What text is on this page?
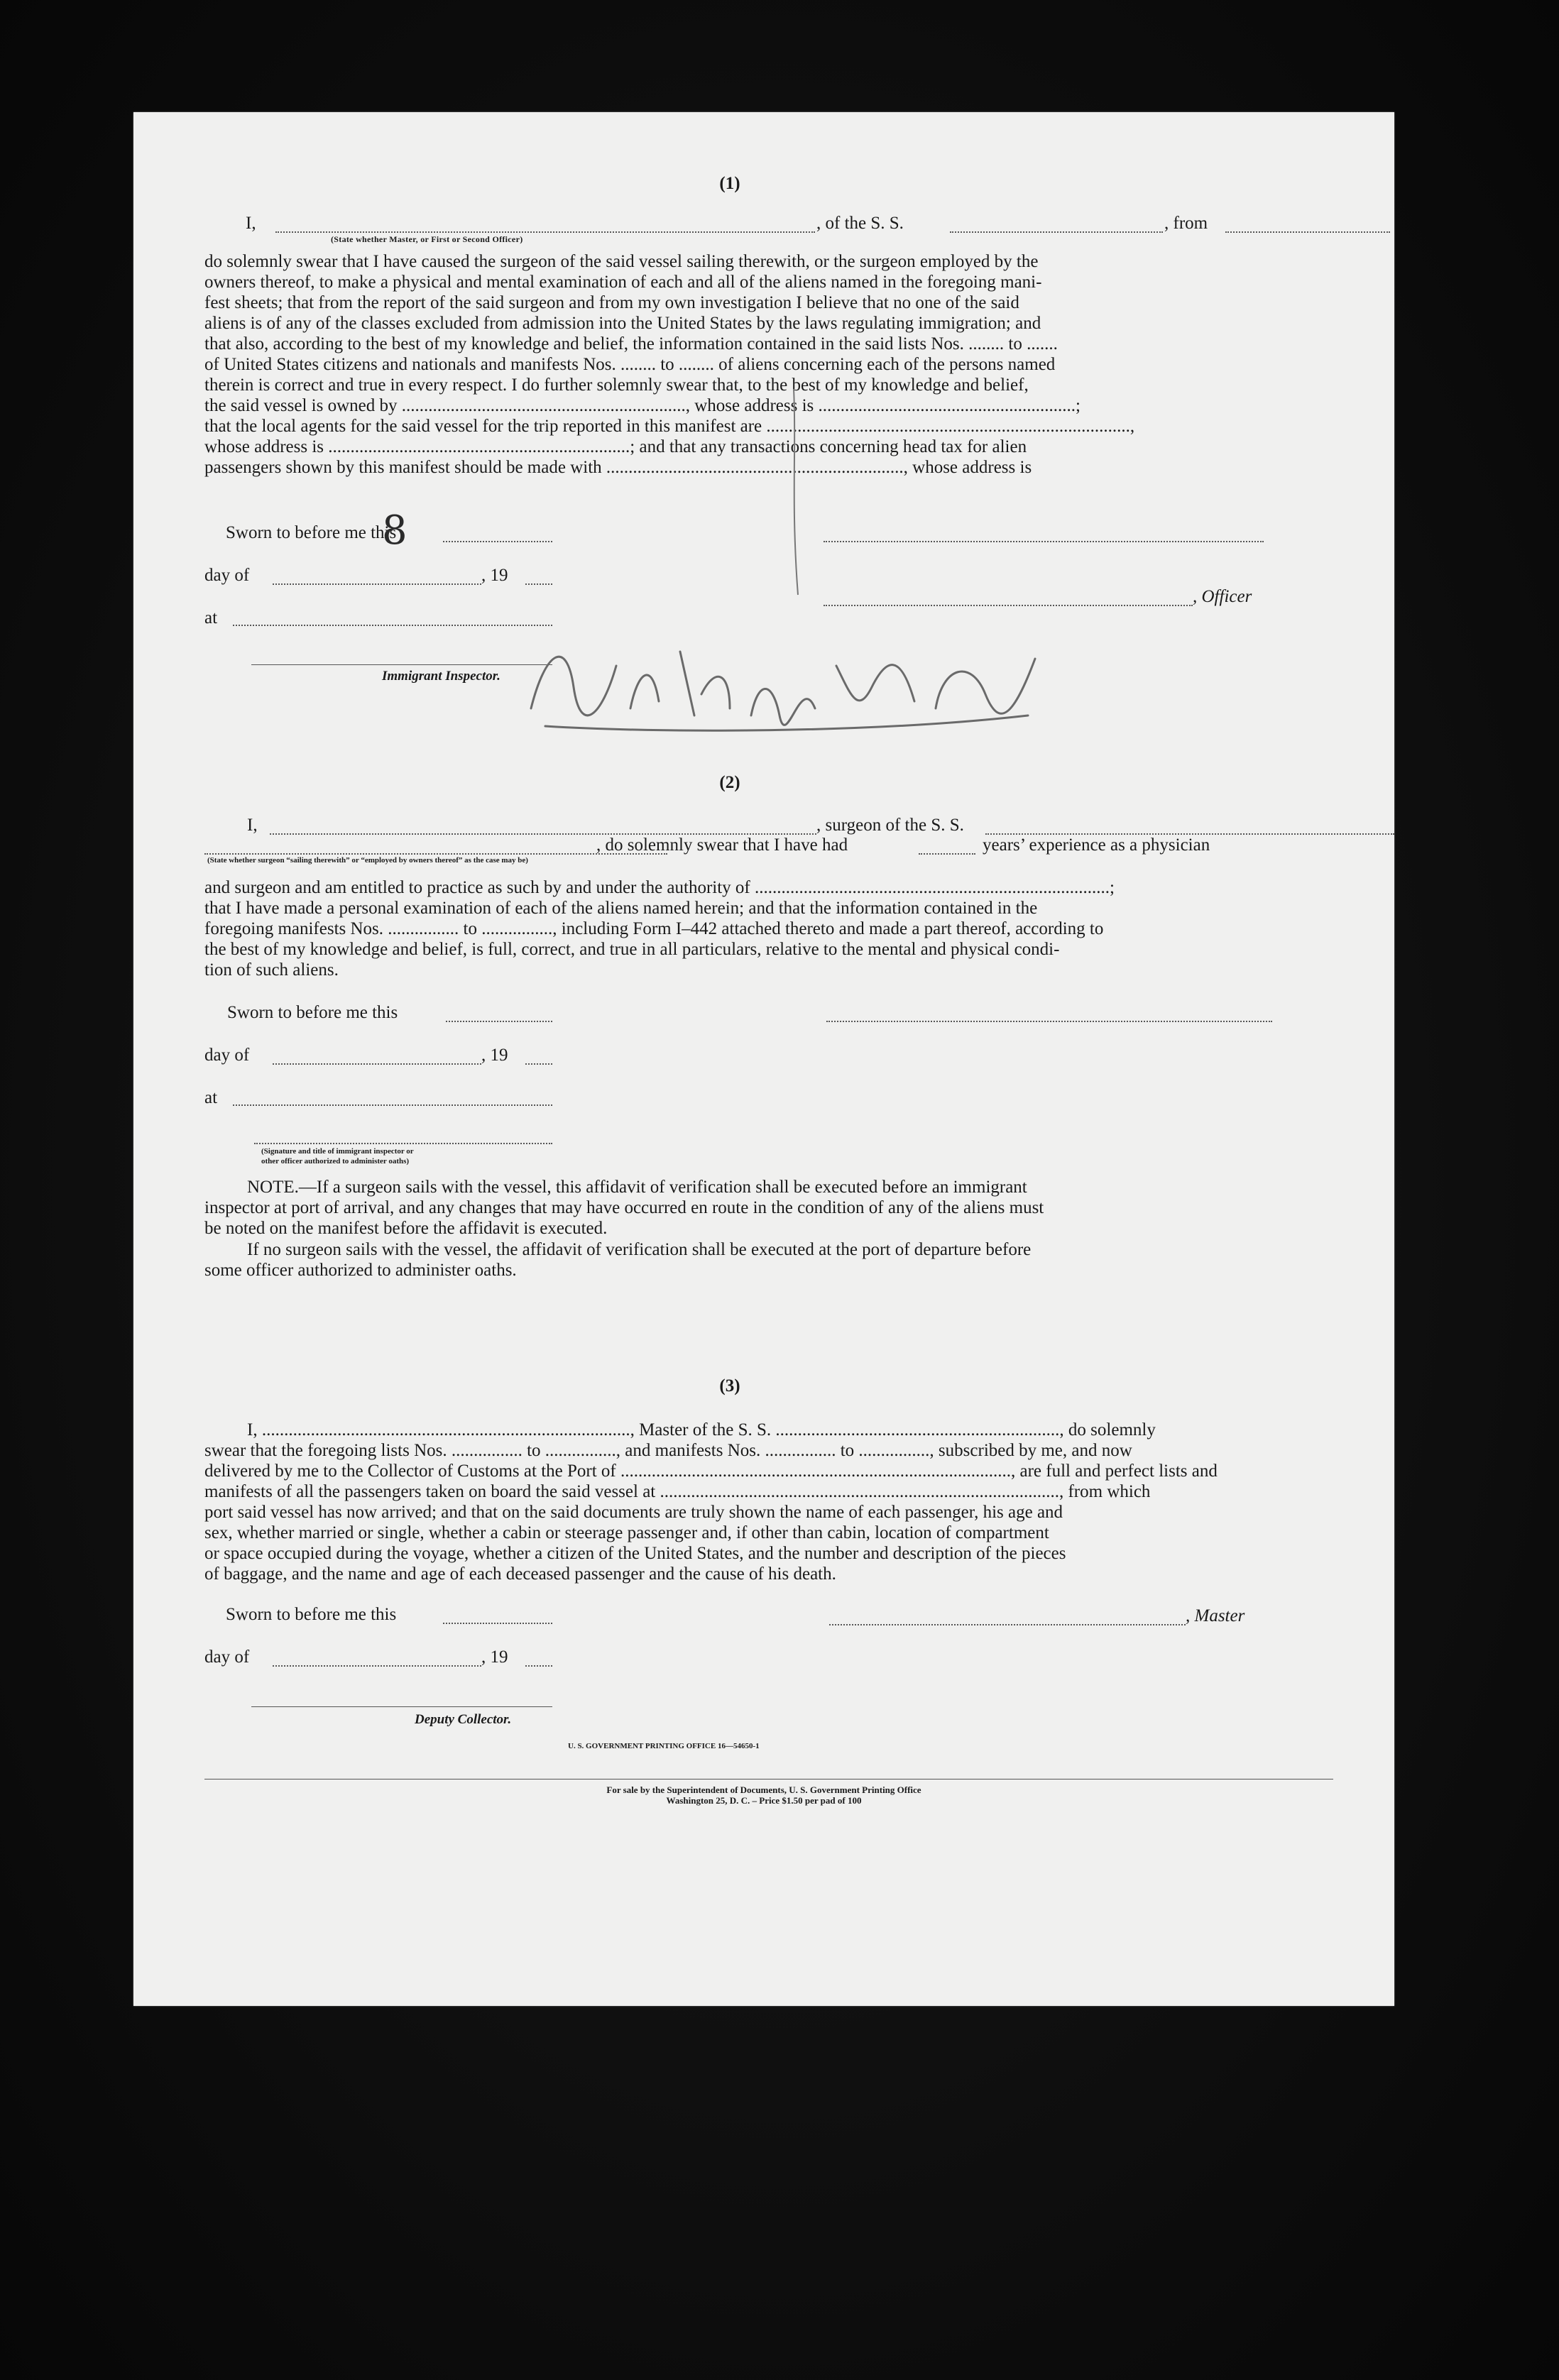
(1)
I,
(State whether Master, or First or Second Officer)
, of the S. S.	, from
do solemnly swear that I have caused the surgeon of the said vessel sailing therewith, or the surgeon employed by the
owners thereof, to make a physical and mental examination of each and all of the aliens named in the foregoing mani-
fest sheets; that from the report of the said surgeon and from my own investigation I believe that no one of the said
aliens is of any of the classes excluded from admission into the United States by the laws regulating immigration; and
that also, according to the best of my knowledge and belief, the information contained in the said lists Nos. ........ to .......
of United States citizens and nationals and manifests Nos. ........ to ........ of aliens concerning each of the persons named
therein is correct and true in every respect. I do further solemnly swear that, to the best of my knowledge and belief,
the said vessel is owned by ................................................................, whose address is ..........................................................;
that the local agents for the said vessel for the trip reported in this manifest are ..................................................................................,
whose address is ....................................................................; and that any transactions concerning head tax for alien
passengers shown by this manifest should be made with ..................................................................., whose address is
Sworn to before me this
8
day of	, 19
, Officer
at
Immigrant Inspector.
(2)
I,	, surgeon of the S. S.
(State whether surgeon “sailing therewith” or “employed by owners thereof” as the case may be)
, do solemnly swear that I have had	years’ experience as a physician
and surgeon and am entitled to practice as such by and under the authority of ................................................................................;
that I have made a personal examination of each of the aliens named herein; and that the information contained in the
foregoing manifests Nos. ................ to ................, including Form I–442 attached thereto and made a part thereof, according to
the best of my knowledge and belief, is full, correct, and true in all particulars, relative to the mental and physical condi-
tion of such aliens.
Sworn to before me this
day of	, 19
at
(Signature and title of immigrant inspector or
other officer authorized to administer oaths)
NOTE.—If a surgeon sails with the vessel, this affidavit of verification shall be executed before an immigrant
inspector at port of arrival, and any changes that may have occurred en route in the condition of any of the aliens must
be noted on the manifest before the affidavit is executed.
If no surgeon sails with the vessel, the affidavit of verification shall be executed at the port of departure before
some officer authorized to administer oaths.
(3)
I, ..................................................................................., Master of the S. S. ................................................................, do solemnly
swear that the foregoing lists Nos. ................ to ................, and manifests Nos. ................ to ................, subscribed by me, and now
delivered by me to the Collector of Customs at the Port of ........................................................................................, are full and perfect lists and
manifests of all the passengers taken on board the said vessel at .........................................................................................., from which
port said vessel has now arrived; and that on the said documents are truly shown the name of each passenger, his age and
sex, whether married or single, whether a cabin or steerage passenger and, if other than cabin, location of compartment
or space occupied during the voyage, whether a citizen of the United States, and the number and description of the pieces
of baggage, and the name and age of each deceased passenger and the cause of his death.
Sworn to before me this	, Master
day of	, 19
Deputy Collector.
U. S. GOVERNMENT PRINTING OFFICE 16—54650-1
For sale by the Superintendent of Documents, U. S. Government Printing Office
Washington 25, D. C. – Price $1.50 per pad of 100
